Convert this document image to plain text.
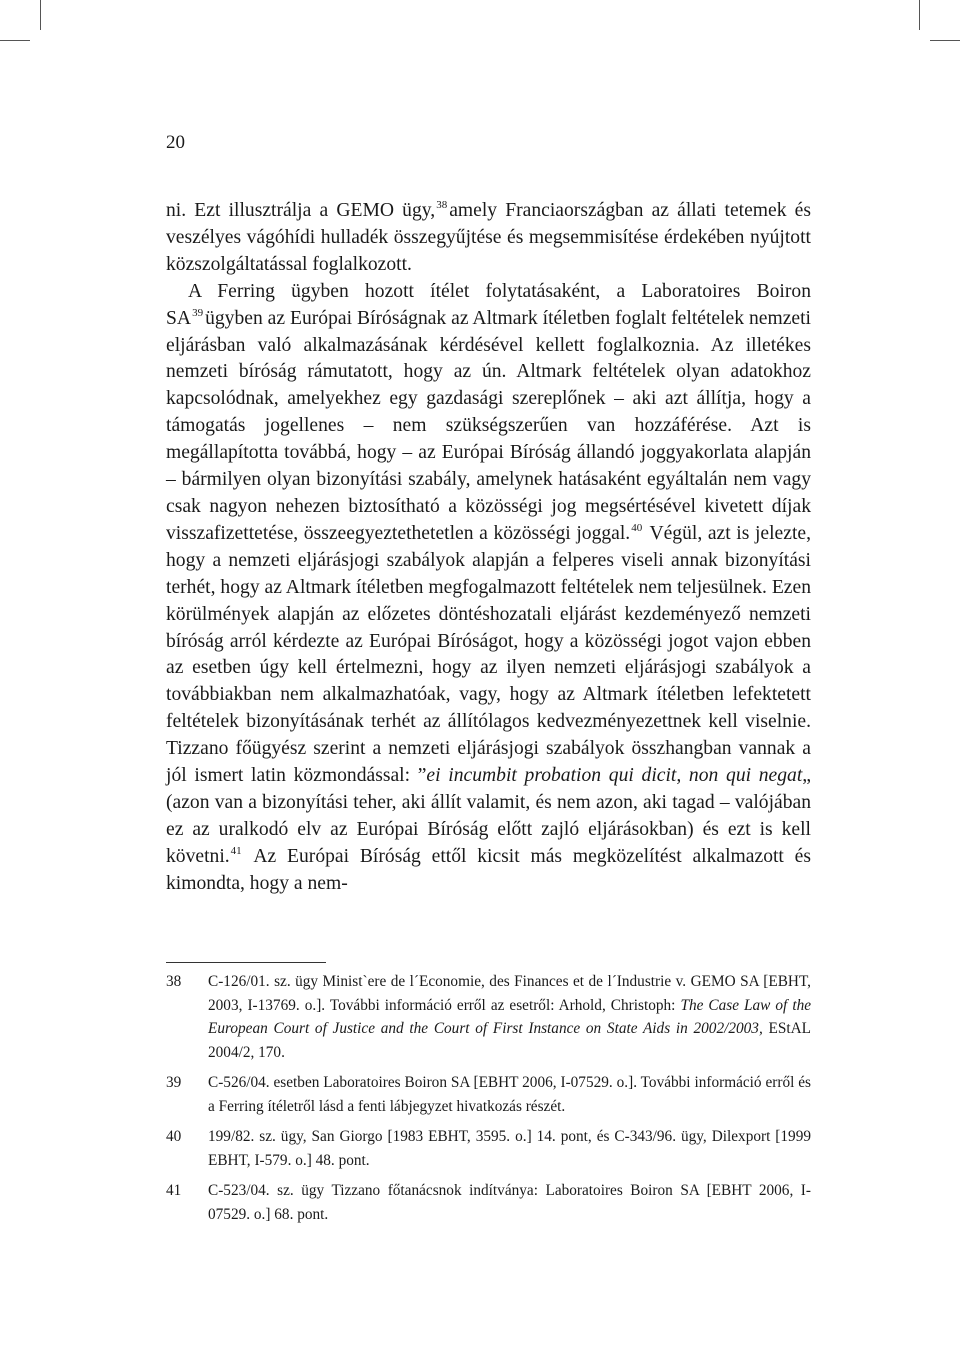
20

ni. Ezt illusztrálja a GEMO ügy,$^{38}$ amely Franciaországban az állati tetemek és veszélyes vágóhídi hulladék összegyűjtése és megsemmisítése érdekében nyújtott közszolgáltatással foglalkozott.

A Ferring ügyben hozott ítélet folytatásaként, a Laboratoires Boiron SA$^{39}$ ügyben az Európai Bíróságnak az Altmark ítéletben foglalt feltételek nemzeti eljárásban való alkalmazásának kérdésével kellett foglalkoznia. Az illetékes nemzeti bíróság rámutatott, hogy az ún. Altmark feltételek olyan adatokhoz kapcsolódnak, amelyekhez egy gazdasági szereplőnek – aki azt állítja, hogy a támogatás jogellenes – nem szükségszerűen van hozzáférése. Azt is megállapította továbbá, hogy – az Európai Bíróság állandó joggyakorlata alapján – bármilyen olyan bizonyítási szabály, amelynek hatásaként egyáltalán nem vagy csak nagyon nehezen biztosítható a közösségi jog megsértésével kivetett díjak visszafizettetése, összeegyeztethetetlen a közösségi joggal.$^{40}$ Végül, azt is jelezte, hogy a nemzeti eljárásjogi szabályok alapján a felperes viseli annak bizonyítási terhét, hogy az Altmark ítéletben megfogalmazott feltételek nem teljesülnek. Ezen körülmények alapján az előzetes döntéshozatali eljárást kezdeményező nemzeti bíróság arról kérdezte az Európai Bíróságot, hogy a közösségi jogot vajon ebben az esetben úgy kell értelmezni, hogy az ilyen nemzeti eljárásjogi szabályok a továbbiakban nem alkalmazhatóak, vagy, hogy az Altmark ítéletben lefektetett feltételek bizonyításának terhét az állítólagos kedvezményezettnek kell viselnie. Tizzano főügyész szerint a nemzeti eljárásjogi szabályok összhangban vannak a jól ismert latin közmondással: ”ei incumbit probation qui dicit, non qui negat„ (azon van a bizonyítási teher, aki állít valamit, és nem azon, aki tagad – valójában ez az uralkodó elv az Európai Bíróság előtt zajló eljárásokban) és ezt is kell követni.$^{41}$ Az Európai Bíróság ettől kicsit más megközelítést alkalmazott és kimondta, hogy a nem-

38	C-126/01. sz. ügy Minist`ere de l´Economie, des Finances et de l´Industrie v. GEMO SA [EBHT, 2003, I-13769. o.]. További információ erről az esetről: Arhold, Christoph: The Case Law of the European Court of Justice and the Court of First Instance on State Aids in 2002/2003, EStAL 2004/2, 170.
39	C-526/04. esetben Laboratoires Boiron SA [EBHT 2006, I-07529. o.]. További információ erről és a Ferring ítéletről lásd a fenti lábjegyzet hivatkozás részét.
40	199/82. sz. ügy, San Giorgo [1983 EBHT, 3595. o.] 14. pont, és C-343/96. ügy, Dilexport [1999 EBHT, I-579. o.] 48. pont.
41	C-523/04. sz. ügy Tizzano főtanácsnok indítványa: Laboratoires Boiron SA [EBHT 2006, I-07529. o.] 68. pont.
